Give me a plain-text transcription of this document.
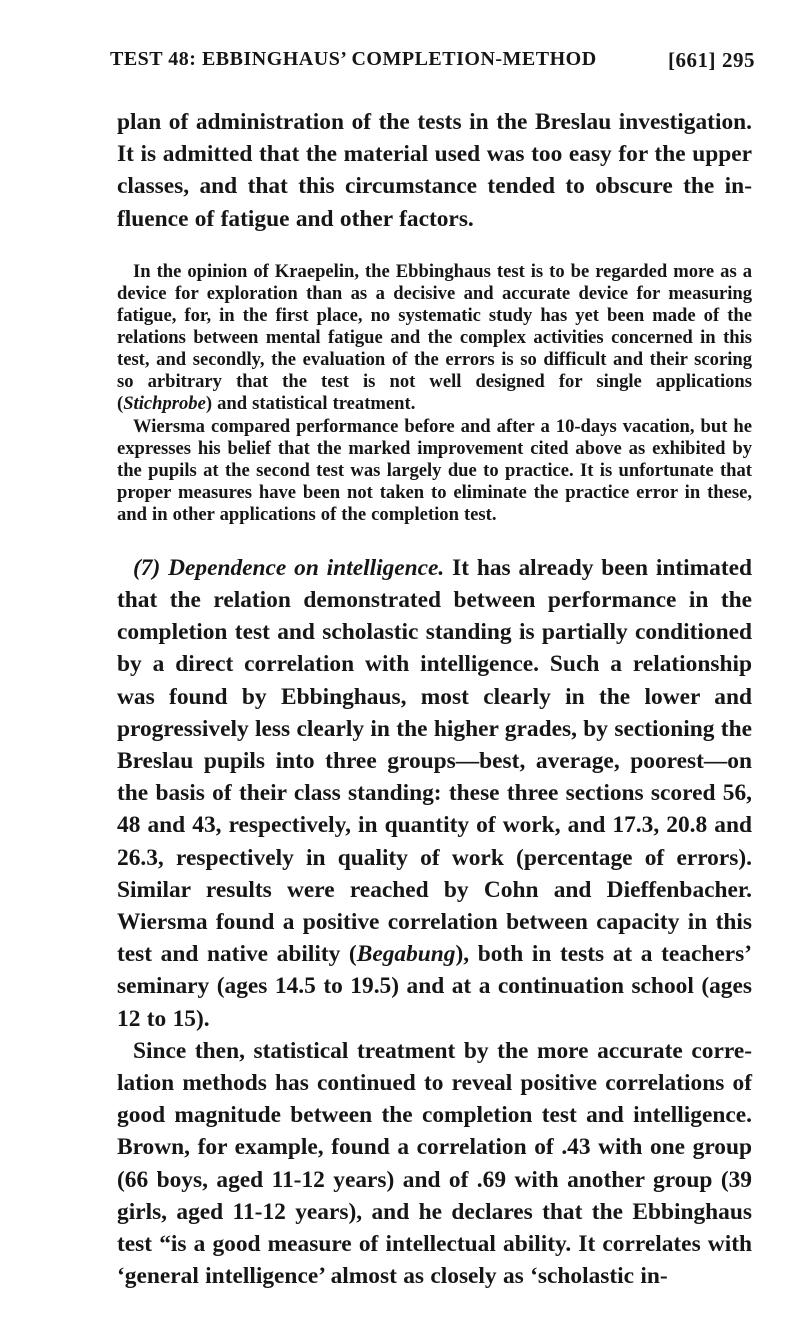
TEST 48: EBBINGHAUS’ COMPLETION-METHOD	[661] 295

plan of administration of the tests in the Breslau investigation. It is admitted that the material used was too easy for the upper classes, and that this circumstance tended to obscure the influence of fatigue and other factors.

In the opinion of Kraepelin, the Ebbinghaus test is to be regarded more as a device for exploration than as a decisive and accurate device for measuring fatigue, for, in the first place, no systematic study has yet been made of the relations between mental fatigue and the complex activities concerned in this test, and secondly, the evaluation of the errors is so difficult and their scoring so arbitrary that the test is not well designed for single applications (Stichprobe) and statistical treatment.

Wiersma compared performance before and after a 10-days vacation, but he expresses his belief that the marked improvement cited above as exhibited by the pupils at the second test was largely due to practice. It is unfortunate that proper measures have been not taken to eliminate the practice error in these, and in other applications of the completion test.

(7) Dependence on intelligence. It has already been intimated that the relation demonstrated between performance in the completion test and scholastic standing is partially conditioned by a direct correlation with intelligence. Such a relationship was found by Ebbinghaus, most clearly in the lower and progressively less clearly in the higher grades, by sectioning the Breslau pupils into three groups—best, average, poorest—on the basis of their class standing: these three sections scored 56, 48 and 43, respectively, in quantity of work, and 17.3, 20.8 and 26.3, respectively in quality of work (percentage of errors). Similar results were reached by Cohn and Dieffenbacher. Wiersma found a positive correlation between capacity in this test and native ability (Begabung), both in tests at a teachers’ seminary (ages 14.5 to 19.5) and at a continuation school (ages 12 to 15).

Since then, statistical treatment by the more accurate correlation methods has continued to reveal positive correlations of good magnitude between the completion test and intelligence. Brown, for example, found a correlation of .43 with one group (66 boys, aged 11-12 years) and of .69 with another group (39 girls, aged 11-12 years), and he declares that the Ebbinghaus test “is a good measure of intellectual ability. It correlates with ‘general intelligence’ almost as closely as ‘scholastic in-
